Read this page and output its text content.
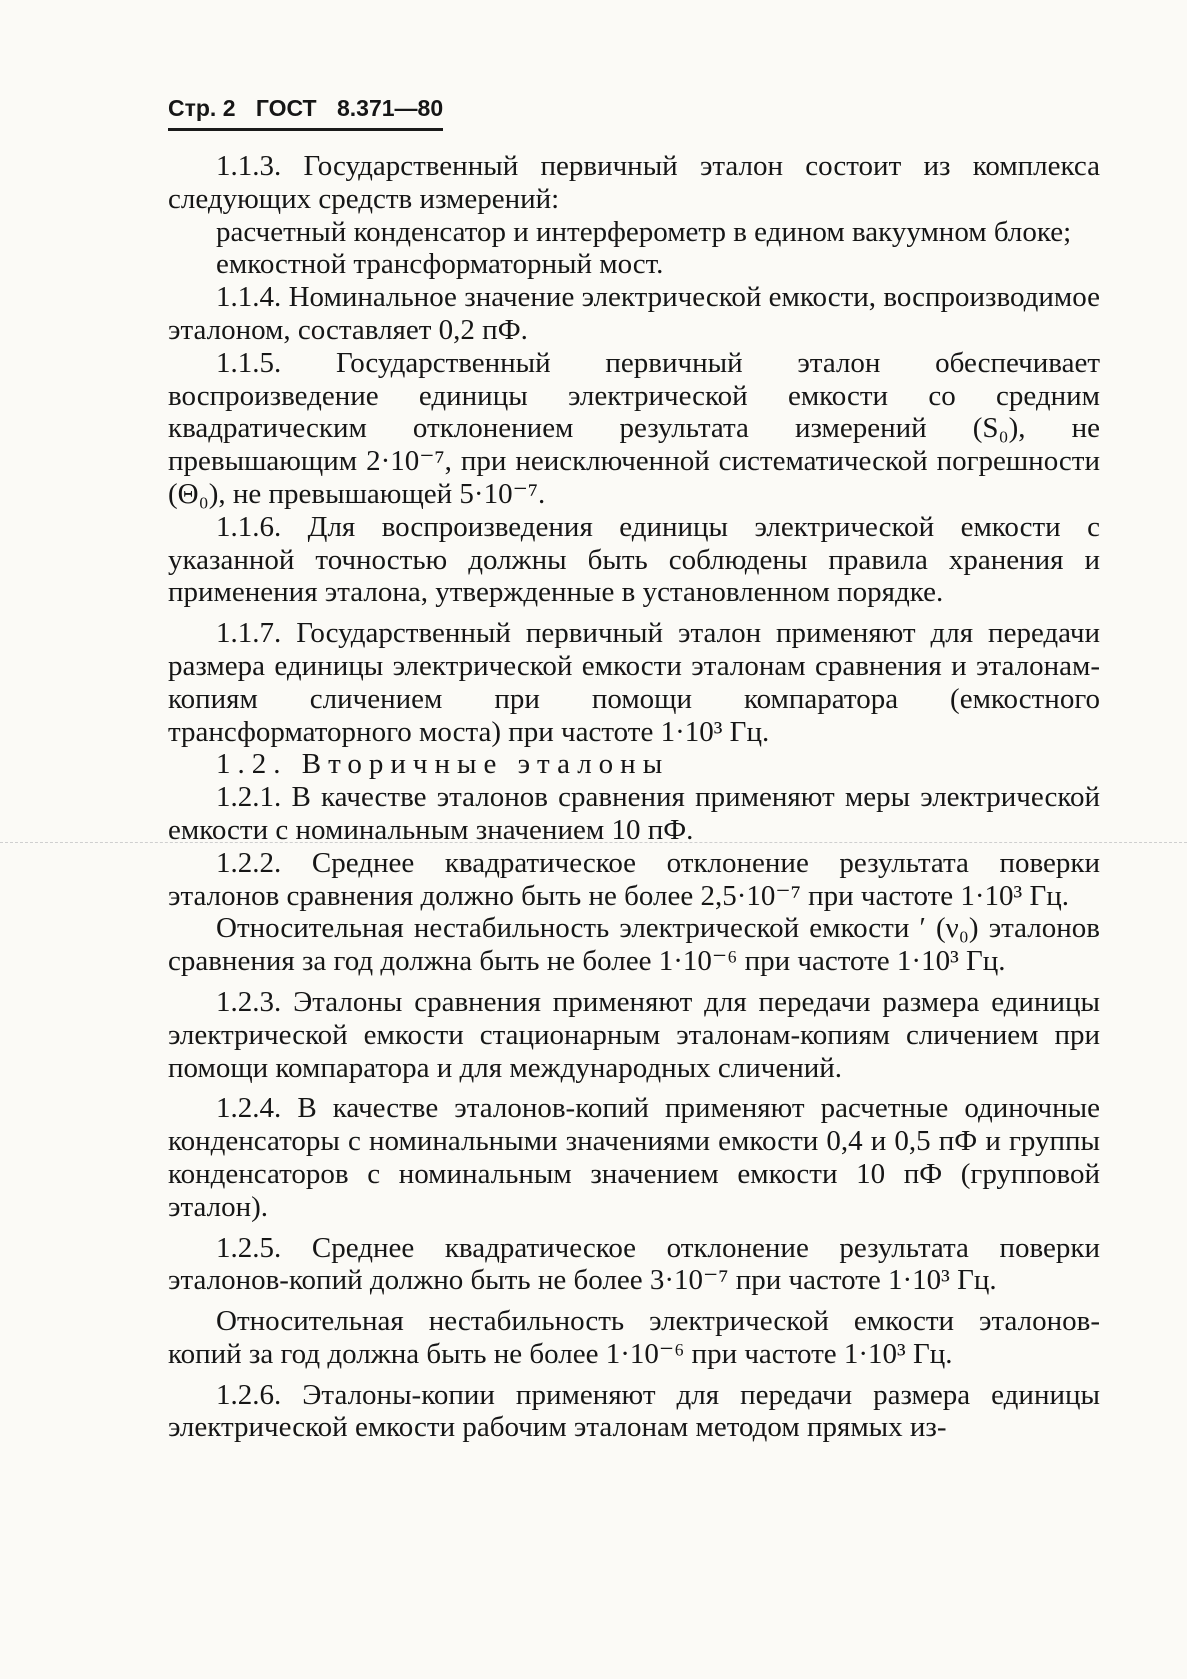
Стр. 2 ГОСТ 8.371—80

1.1.3. Государственный первичный эталон состоит из комплекса следующих средств измерений:

расчетный конденсатор и интерферометр в едином вакуумном блоке;

емкостной трансформаторный мост.

1.1.4. Номинальное значение электрической емкости, воспроизводимое эталоном, составляет 0,2 пФ.

1.1.5. Государственный первичный эталон обеспечивает воспроизведение единицы электрической емкости со средним квадратическим отклонением результата измерений (S₀), не превышающим 2·10⁻⁷, при неисключенной систематической погрешности (Θ₀), не превышающей 5·10⁻⁷.

1.1.6. Для воспроизведения единицы электрической емкости с указанной точностью должны быть соблюдены правила хранения и применения эталона, утвержденные в установленном порядке.

1.1.7. Государственный первичный эталон применяют для передачи размера единицы электрической емкости эталонам сравнения и эталонам-копиям сличением при помощи компаратора (емкостного трансформаторного моста) при частоте 1·10³ Гц.

1.2. Вторичные эталоны

1.2.1. В качестве эталонов сравнения применяют меры электрической емкости с номинальным значением 10 пФ.

1.2.2. Среднее квадратическое отклонение результата поверки эталонов сравнения должно быть не более 2,5·10⁻⁷ при частоте 1·10³ Гц.

Относительная нестабильность электрической емкости ′ (ν₀) эталонов сравнения за год должна быть не более 1·10⁻⁶ при частоте 1·10³ Гц.

1.2.3. Эталоны сравнения применяют для передачи размера единицы электрической емкости стационарным эталонам-копиям сличением при помощи компаратора и для международных сличений.

1.2.4. В качестве эталонов-копий применяют расчетные одиночные конденсаторы с номинальными значениями емкости 0,4 и 0,5 пФ и группы конденсаторов с номинальным значением емкости 10 пФ (групповой эталон).

1.2.5. Среднее квадратическое отклонение результата поверки эталонов-копий должно быть не более 3·10⁻⁷ при частоте 1·10³ Гц.

Относительная нестабильность электрической емкости эталонов-копий за год должна быть не более 1·10⁻⁶ при частоте 1·10³ Гц.

1.2.6. Эталоны-копии применяют для передачи размера единицы электрической емкости рабочим эталонам методом прямых из-
